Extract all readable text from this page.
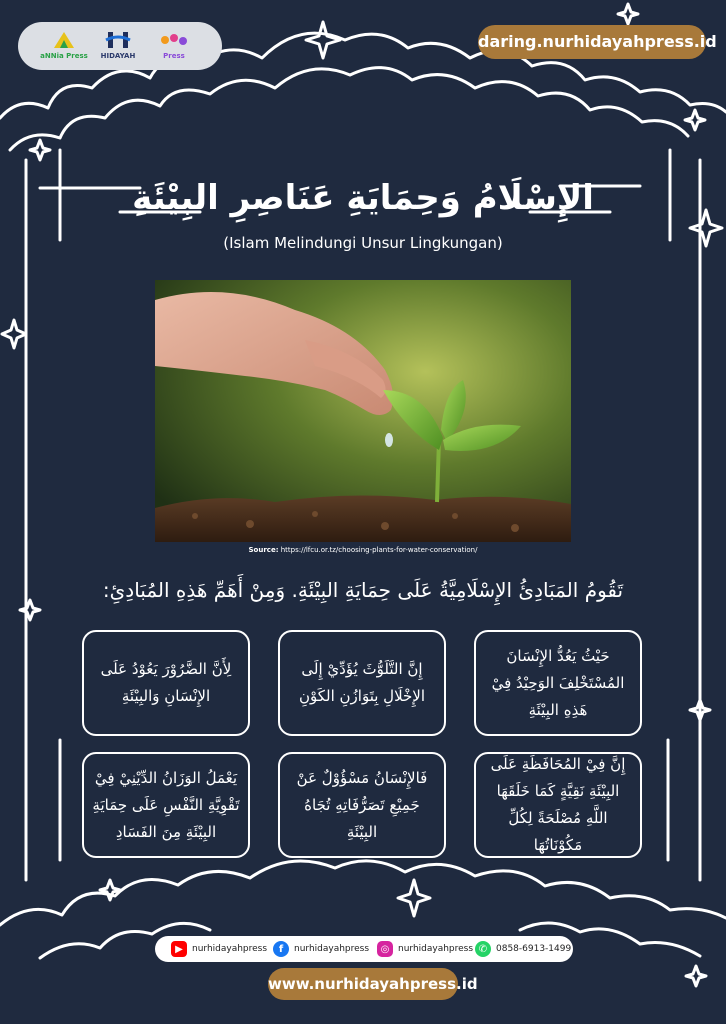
aNNia Press	HIDAYAH	Press
daring.nurhidayahpress.id
الإِسْلَامُ وَحِمَايَةِ عَنَاصِرِ البِيْئَةِ
(Islam Melindungi Unsur Lingkungan)
Source: https://lfcu.or.tz/choosing-plants-for-water-conservation/
تَقُومُ المَبَادِئُ الإِسْلَامِيَّةُ عَلَى حِمَايَةِ البِيْئَةِ. وَمِنْ أَهَمِّ هَذِهِ المُبَادِئِ:
حَيْثُ يَعُدُّ الإِنْسَانَ المُسْتَخْلِفَ الوَحِيْدُ فِيْ هَذِهِ البِيْئَةِ
إِنَّ التَّلَوُّثَ يُؤَدِّيْ إِلَى الإِخْلَالِ بِتَوَازُنِ الكَوْنِ
لِأَنَّ الضَّرُوْرَ يَعُوْدُ عَلَى الإِنْسَانِ وَالبِيْئَةِ
إِنَّ فِيْ المُحَافَظَةِ عَلَى البِيْئَةِ نَقِيَّةٍ كَمَا خَلَقَهَا اللَّهِ مُصْلَحَةً لِكُلِّ مَكُوْنَاتُهَا
فَالإِنْسَانُ مَسْؤُوْلٌ عَنْ جَمِيْعِ تَصَرُّفَاتِهِ تُجَاهُ البِيْئَةِ
يَعْمَلُ الوَزَانُ الدِّيْنِيْ فِيْ تَقْوِيَّةِ النَّفْسِ عَلَى حِمَايَةِ البِيْئَةِ مِنَ الفَسَادِ
▶	nurhidayahpress	f	nurhidayahpress	◎ nurhidayahpress ✆ 0858-6913-1499
www.nurhidayahpress.id
